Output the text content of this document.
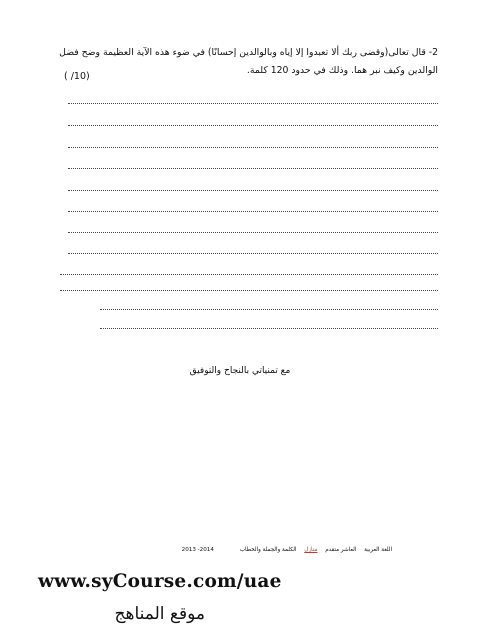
2- قال تعالى(وقضى ربك ألا تعبدوا إلا إياه وبالوالدين إحسانًا) في ضوء هذه الآية العظيمة وضح فضل
الوالدين وكيف نبر هما. وذلك في حدود 120 كلمة.
( /10)
مع تمنياتي بالنجاح والتوفيق
اللغة العربية العاشر متقدم منازل الكلمة والجملة والخطاب 2013 -2014
www.syCourse.com/uae
موقع المناهج
